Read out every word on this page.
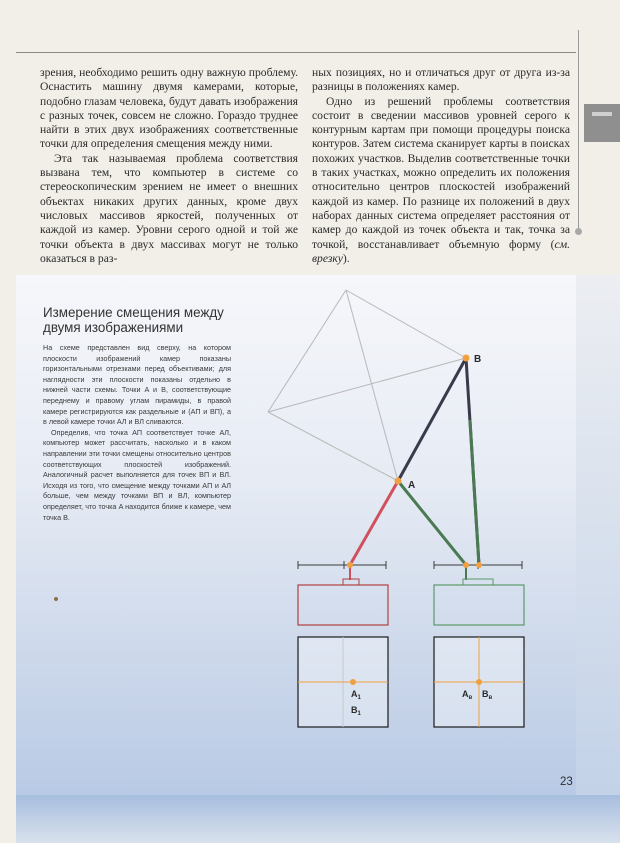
зрения, необходимо решить одну важную проблему. Оснастить машину двумя камерами, которые, подобно глазам человека, будут давать изображения с разных точек, совсем не сложно. Гораздо труднее найти в этих двух изображениях соответственные точки для определения смещения между ними.

Эта так называемая проблема соответствия вызвана тем, что компьютер в системе со стереоскопическим зрением не имеет о внешних объектах никаких других данных, кроме двух числовых массивов яркостей, полученных от каждой из камер. Уровни серого одной и той же точки объекта в двух массивах могут не только оказаться в раз-

ных позициях, но и отличаться друг от друга из-за разницы в положениях камер.

Одно из решений проблемы соответствия состоит в сведении массивов уровней серого к контурным картам при помощи процедуры поиска контуров. Затем система сканирует карты в поисках похожих участков. Выделив соответственные точки в таких участках, можно определить их положения относительно центров плоскостей изображений каждой из камер. По разнице их положений в двух наборах данных система определяет расстояния от камер до каждой из точек объекта и так, точка за точкой, восстанавливает объемную форму (см. врезку).

Измерение смещения между двумя изображениями

На схеме представлен вид сверху, на котором плоскости изображений камер показаны горизонтальными отрезками перед объективами; для наглядности эти плоскости показаны отдельно в нижней части схемы. Точки A и B, соответствующие переднему и правому углам пирамиды, в правой камере регистрируются как раздельные и (AП и BП), а в левой камере точки AЛ и BЛ сливаются.

Определив, что точка AП соответствует точке AЛ, компьютер может рассчитать, насколько и в каком направлении эти точки смещены относительно центров соответствующих плоскостей изображений. Аналогичный расчет выполняется для точек BП и BЛ. Исходя из того, что смещение между точками AП и AЛ больше, чем между точками BП и BЛ, компьютер определяет, что точка A находится ближе к камере, чем точка B.

B
A
$A_1$
$B_1$
$A_в$ $B_в$
23
